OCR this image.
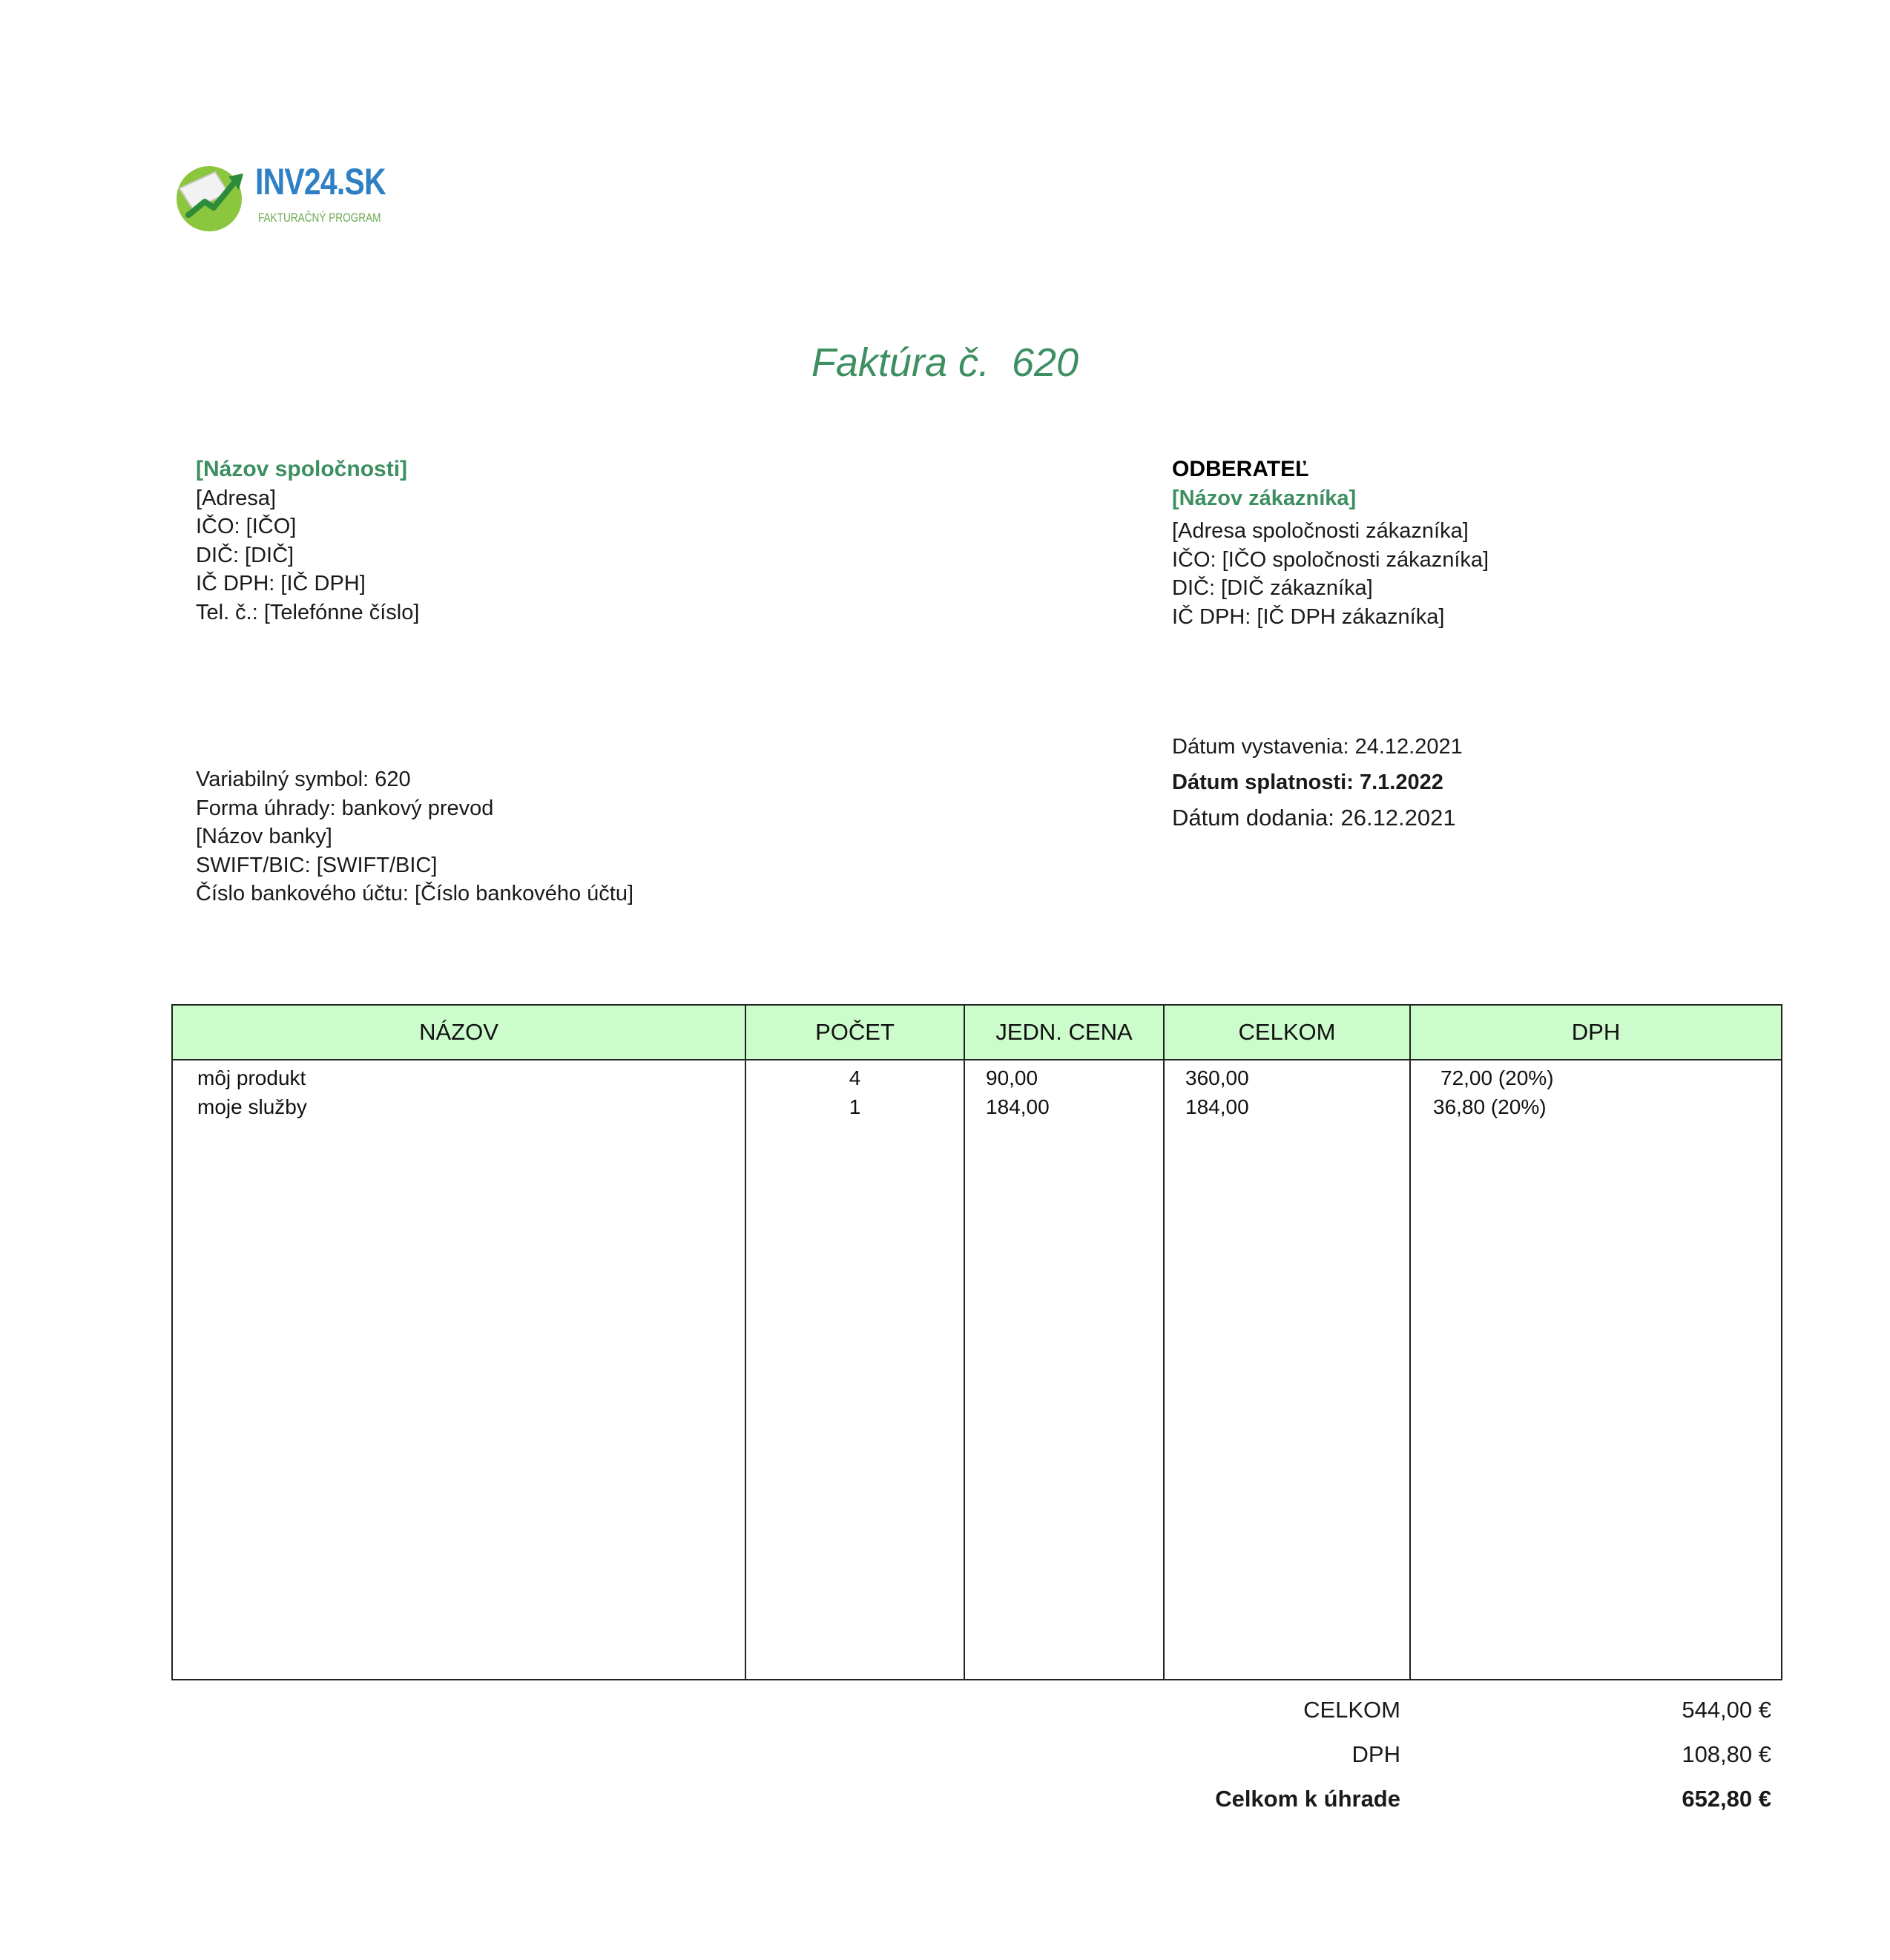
INV24.SK
FAKTURAČNÝ PROGRAM
Faktúra č.  620
[Názov spoločnosti]
[Adresa]
IČO: [IČO]
DIČ: [DIČ]
IČ DPH: [IČ DPH]
Tel. č.: [Telefónne číslo]
ODBERATEĽ
[Názov zákazníka]
[Adresa spoločnosti zákazníka]
IČO: [IČO spoločnosti zákazníka]
DIČ: [DIČ zákazníka]
IČ DPH: [IČ DPH zákazníka]
Dátum vystavenia: 24.12.2021
Dátum splatnosti: 7.1.2022
Dátum dodania: 26.12.2021
Variabilný symbol: 620
Forma úhrady: bankový prevod
[Názov banky]
SWIFT/BIC: [SWIFT/BIC]
Číslo bankového účtu: [Číslo bankového účtu]
NÁZOV	POČET	JEDN. CENA	CELKOM	DPH
môj produkt	4	90,00	360,00	72,00 (20%)
moje služby	1	184,00	184,00	36,80 (20%)
CELKOM	544,00 €
DPH	108,80 €
Celkom k úhrade	652,80 €
